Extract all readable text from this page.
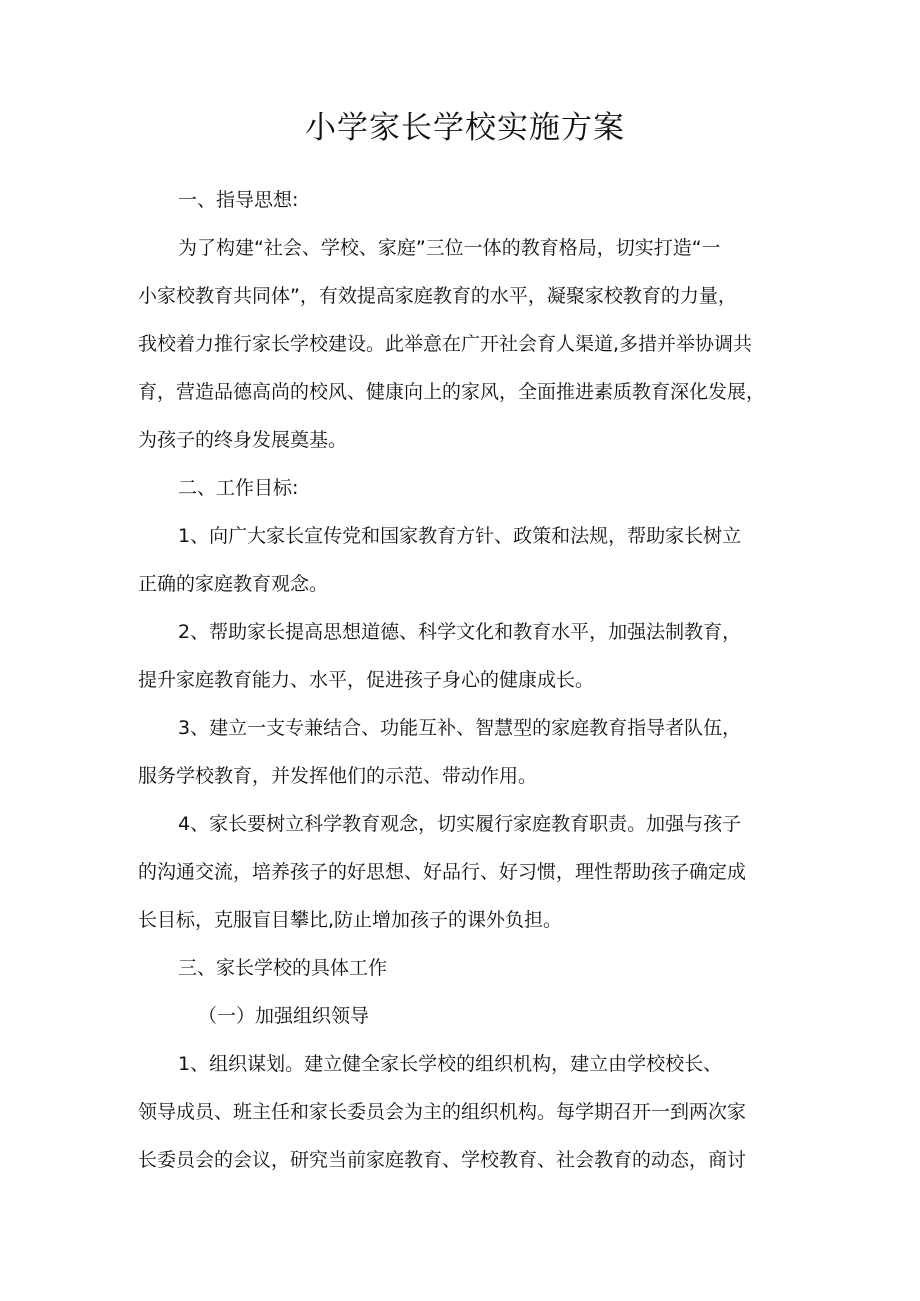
小学家长学校实施方案

一、指导思想:

为了构建“社会、学校、家庭”三位一体的教育格局，切实打造“一
小家校教育共同体”，有效提高家庭教育的水平，凝聚家校教育的力量，
我校着力推行家长学校建设。此举意在广开社会育人渠道,多措并举协调共
育，营造品德高尚的校风、健康向上的家风，全面推进素质教育深化发展，
为孩子的终身发展奠基。

二、工作目标:

1、向广大家长宣传党和国家教育方针、政策和法规，帮助家长树立
正确的家庭教育观念。
2、帮助家长提高思想道德、科学文化和教育水平，加强法制教育，
提升家庭教育能力、水平，促进孩子身心的健康成长。
3、建立一支专兼结合、功能互补、智慧型的家庭教育指导者队伍，
服务学校教育，并发挥他们的示范、带动作用。
4、家长要树立科学教育观念，切实履行家庭教育职责。加强与孩子
的沟通交流，培养孩子的好思想、好品行、好习惯，理性帮助孩子确定成
长目标，克服盲目攀比,防止增加孩子的课外负担。

三、家长学校的具体工作

（一）加强组织领导

1、组织谋划。建立健全家长学校的组织机构，建立由学校校长、
领导成员、班主任和家长委员会为主的组织机构。每学期召开一到两次家
长委员会的会议，研究当前家庭教育、学校教育、社会教育的动态，商讨
